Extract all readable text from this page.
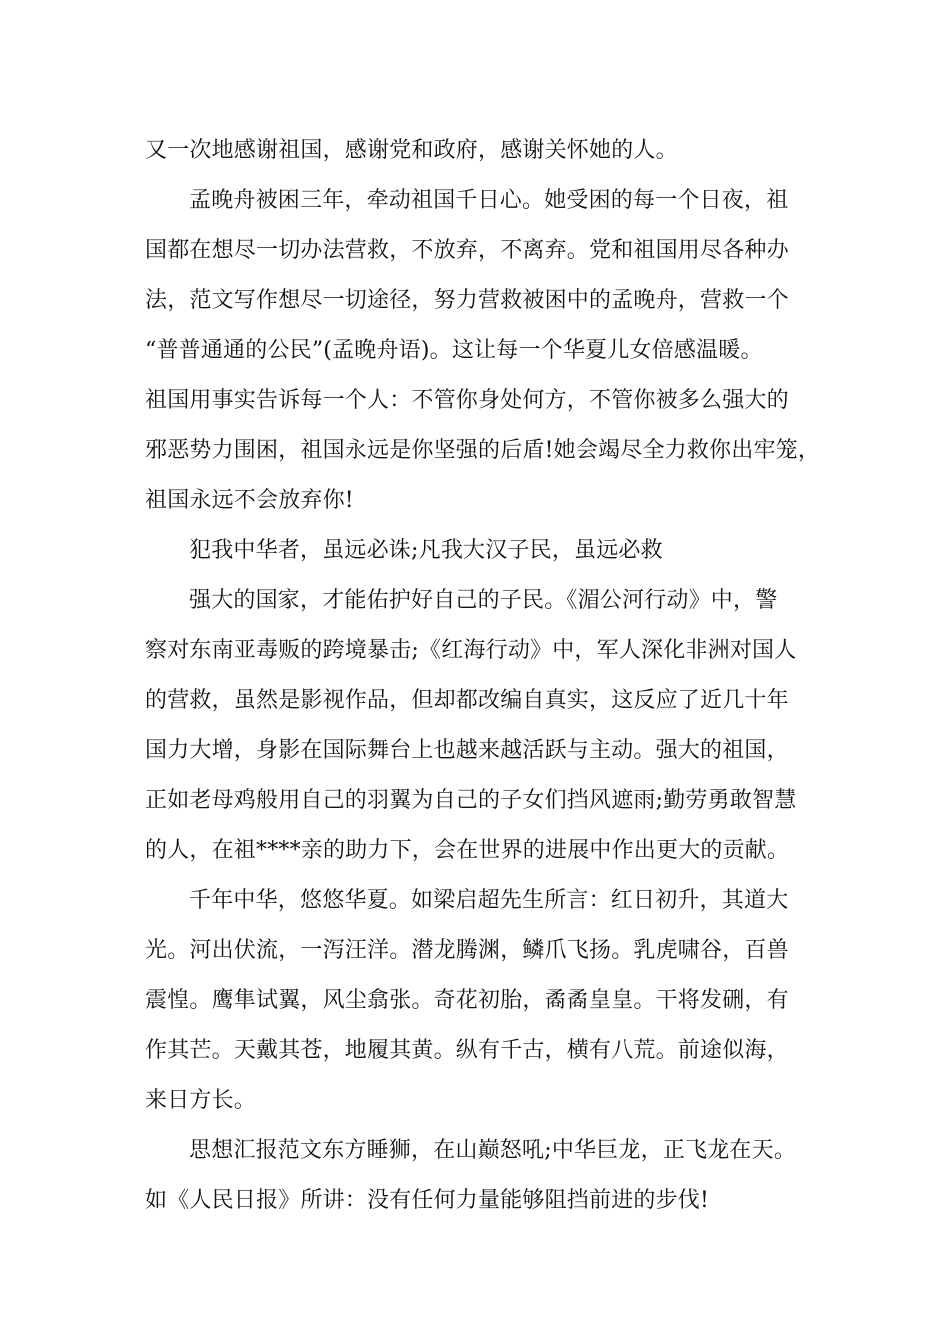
又一次地感谢祖国，感谢党和政府，感谢关怀她的人。
孟晚舟被困三年，牵动祖国千日心。她受困的每一个日夜，祖
国都在想尽一切办法营救，不放弃，不离弃。党和祖国用尽各种办
法，范文写作想尽一切途径，努力营救被困中的孟晚舟，营救一个
“普普通通的公民”(孟晚舟语)。这让每一个华夏儿女倍感温暖。
祖国用事实告诉每一个人：不管你身处何方，不管你被多么强大的
邪恶势力围困，祖国永远是你坚强的后盾!她会竭尽全力救你出牢笼，
祖国永远不会放弃你!
犯我中华者，虽远必诛;凡我大汉子民，虽远必救
强大的国家，才能佑护好自己的子民。《湄公河行动》中，警
察对东南亚毒贩的跨境暴击;《红海行动》中，军人深化非洲对国人
的营救，虽然是影视作品，但却都改编自真实，这反应了近几十年
国力大增，身影在国际舞台上也越来越活跃与主动。强大的祖国，
正如老母鸡般用自己的羽翼为自己的子女们挡风遮雨;勤劳勇敢智慧
的人，在祖****亲的助力下，会在世界的进展中作出更大的贡献。
千年中华，悠悠华夏。如梁启超先生所言：红日初升，其道大
光。河出伏流，一泻汪洋。潜龙腾渊，鳞爪飞扬。乳虎啸谷，百兽
震惶。鹰隼试翼，风尘翕张。奇花初胎，矞矞皇皇。干将发硎，有
作其芒。天戴其苍，地履其黄。纵有千古，横有八荒。前途似海，
来日方长。
思想汇报范文东方睡狮，在山巅怒吼;中华巨龙，正飞龙在天。
如《人民日报》所讲：没有任何力量能够阻挡前进的步伐!
